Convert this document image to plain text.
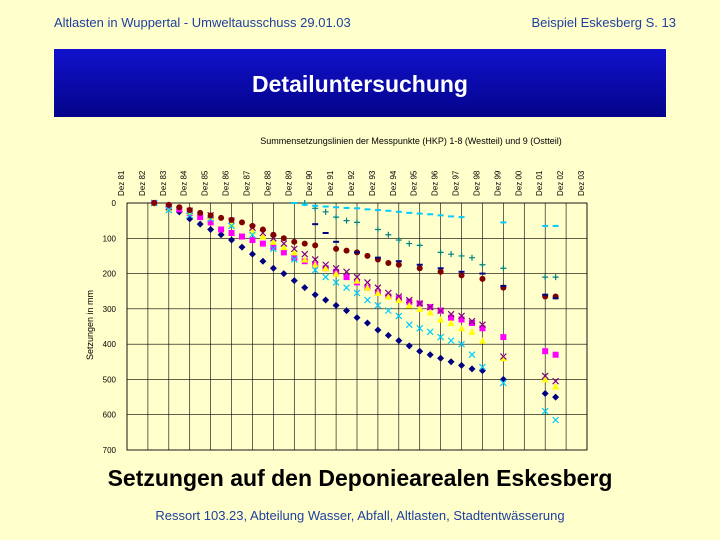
Altlasten in Wuppertal - Umweltausschuss 29.01.03	Beispiel Eskesberg S. 13
Detailuntersuchung
Summensetzungslinien der Messpunkte (HKP) 1-8 (Westteil) und 9 (Ostteil)
Setzungen in mm
Dez 81 Dez 82 Dez 83 Dez 84 Dez 85 Dez 86 Dez 87 Dez 88 Dez 89 Dez 90 Dez 91 Dez 92 Dez 93 Dez 94 Dez 95 Dez 96 Dez 97 Dez 98 Dez 99 Dez 00 Dez 01 Dez 02 Dez 03
0
100
200
300
400
500
600
700
Setzungen auf den Deponiearealen Eskesberg
Ressort 103.23, Abteilung Wasser, Abfall, Altlasten, Stadtentwässerung
